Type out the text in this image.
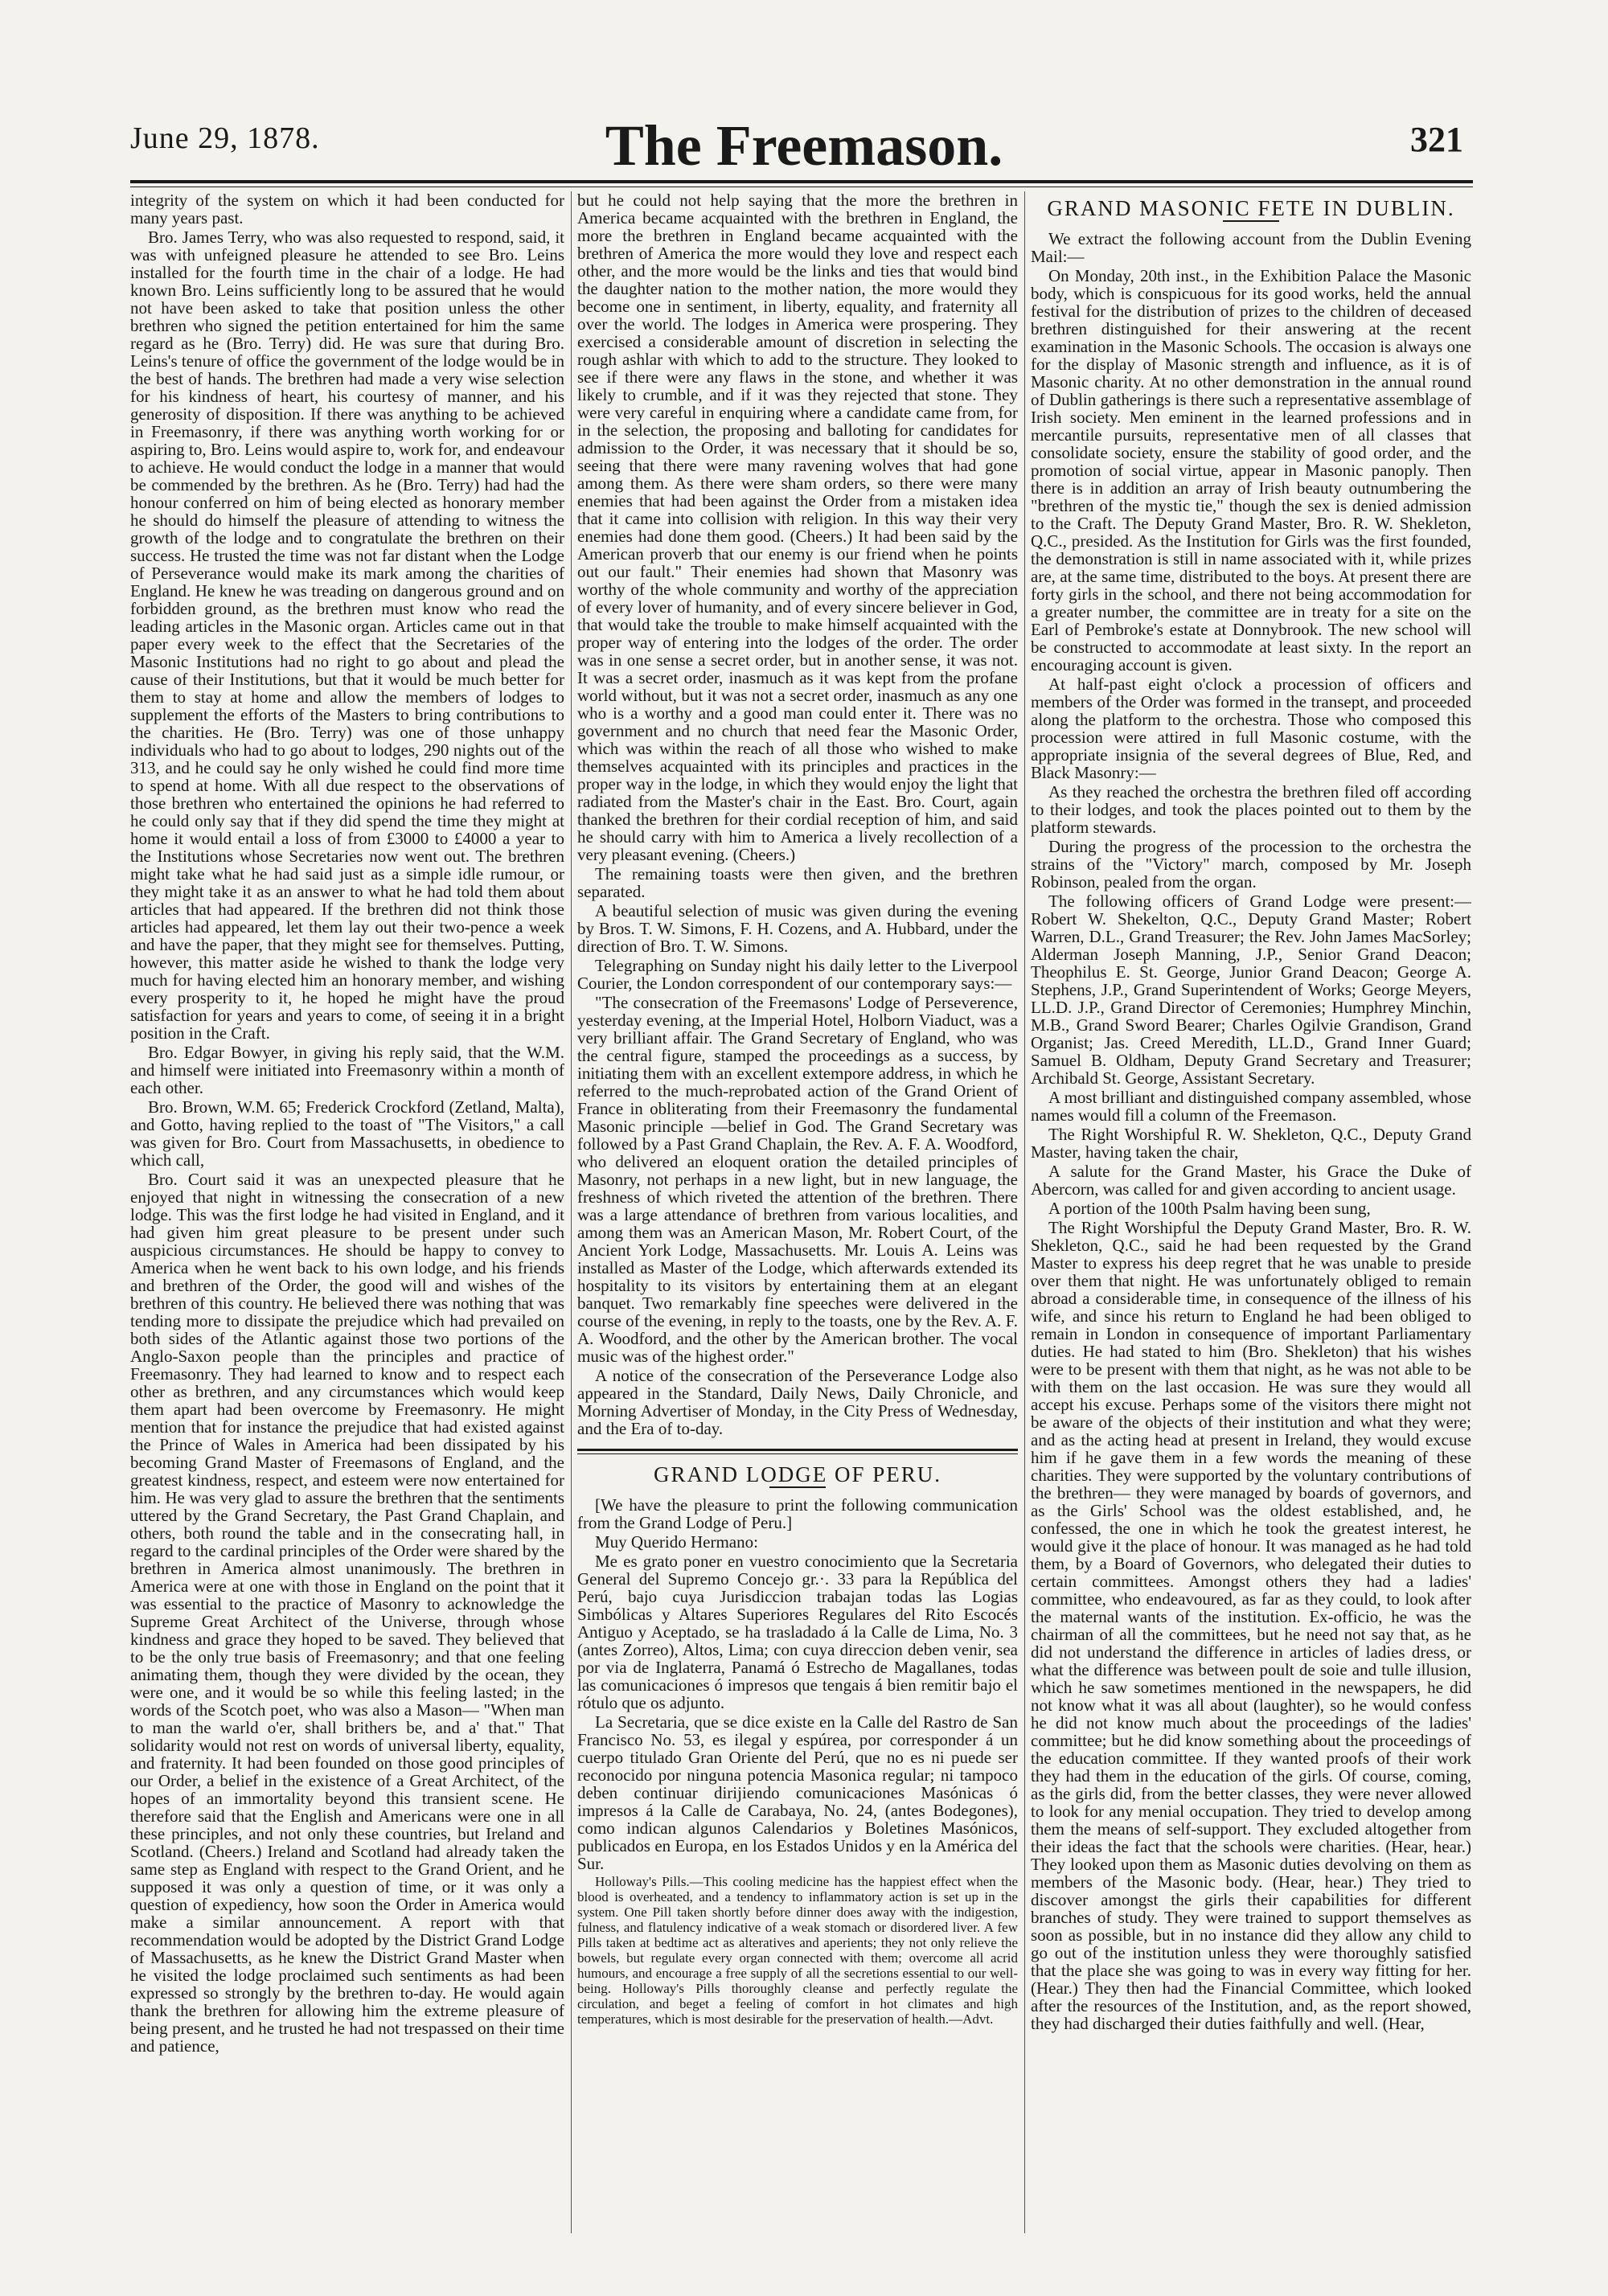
June 29, 1878.	The Freemason.	321

integrity of the system on which it had been conducted for many years past.

Bro. James Terry, who was also requested to respond, said, it was with unfeigned pleasure he attended to see Bro. Leins installed for the fourth time in the chair of a lodge. He had known Bro. Leins sufficiently long to be assured that he would not have been asked to take that position unless the other brethren who signed the petition entertained for him the same regard as he (Bro. Terry) did. He was sure that during Bro. Leins's tenure of office the government of the lodge would be in the best of hands. The brethren had made a very wise selection for his kindness of heart, his courtesy of manner, and his generosity of disposition. If there was anything to be achieved in Freemasonry, if there was anything worth working for or aspiring to, Bro. Leins would aspire to, work for, and endeavour to achieve. He would conduct the lodge in a manner that would be commended by the brethren. As he (Bro. Terry) had had the honour conferred on him of being elected as honorary member he should do himself the pleasure of attending to witness the growth of the lodge and to congratulate the brethren on their success. He trusted the time was not far distant when the Lodge of Perseverance would make its mark among the charities of England. He knew he was treading on dangerous ground and on forbidden ground, as the brethren must know who read the leading articles in the Masonic organ. Articles came out in that paper every week to the effect that the Secretaries of the Masonic Institutions had no right to go about and plead the cause of their Institutions, but that it would be much better for them to stay at home and allow the members of lodges to supplement the efforts of the Masters to bring contributions to the charities. He (Bro. Terry) was one of those unhappy individuals who had to go about to lodges, 290 nights out of the 313, and he could say he only wished he could find more time to spend at home. With all due respect to the observations of those brethren who entertained the opinions he had referred to he could only say that if they did spend the time they might at home it would entail a loss of from £3000 to £4000 a year to the Institutions whose Secretaries now went out. The brethren might take what he had said just as a simple idle rumour, or they might take it as an answer to what he had told them about articles that had appeared. If the brethren did not think those articles had appeared, let them lay out their two-pence a week and have the paper, that they might see for themselves. Putting, however, this matter aside he wished to thank the lodge very much for having elected him an honorary member, and wishing every prosperity to it, he hoped he might have the proud satisfaction for years and years to come, of seeing it in a bright position in the Craft.

Bro. Edgar Bowyer, in giving his reply said, that the W.M. and himself were initiated into Freemasonry within a month of each other.

Bro. Brown, W.M. 65; Frederick Crockford (Zetland, Malta), and Gotto, having replied to the toast of "The Visitors," a call was given for Bro. Court from Massachusetts, in obedience to which call,

Bro. Court said it was an unexpected pleasure that he enjoyed that night in witnessing the consecration of a new lodge. This was the first lodge he had visited in England, and it had given him great pleasure to be present under such auspicious circumstances. He should be happy to convey to America when he went back to his own lodge, and his friends and brethren of the Order, the good will and wishes of the brethren of this country. He believed there was nothing that was tending more to dissipate the prejudice which had prevailed on both sides of the Atlantic against those two portions of the Anglo-Saxon people than the principles and practice of Freemasonry. They had learned to know and to respect each other as brethren, and any circumstances which would keep them apart had been overcome by Freemasonry. He might mention that for instance the prejudice that had existed against the Prince of Wales in America had been dissipated by his becoming Grand Master of Freemasons of England, and the greatest kindness, respect, and esteem were now entertained for him. He was very glad to assure the brethren that the sentiments uttered by the Grand Secretary, the Past Grand Chaplain, and others, both round the table and in the consecrating hall, in regard to the cardinal principles of the Order were shared by the brethren in America almost unanimously. The brethren in America were at one with those in England on the point that it was essential to the practice of Masonry to acknowledge the Supreme Great Architect of the Universe, through whose kindness and grace they hoped to be saved. They believed that to be the only true basis of Freemasonry; and that one feeling animating them, though they were divided by the ocean, they were one, and it would be so while this feeling lasted; in the words of the Scotch poet, who was also a Mason— "When man to man the warld o'er, shall brithers be, and a' that." That solidarity would not rest on words of universal liberty, equality, and fraternity. It had been founded on those good principles of our Order, a belief in the existence of a Great Architect, of the hopes of an immortality beyond this transient scene. He therefore said that the English and Americans were one in all these principles, and not only these countries, but Ireland and Scotland. (Cheers.) Ireland and Scotland had already taken the same step as England with respect to the Grand Orient, and he supposed it was only a question of time, or it was only a question of expediency, how soon the Order in America would make a similar announcement. A report with that recommendation would be adopted by the District Grand Lodge of Massachusetts, as he knew the District Grand Master when he visited the lodge proclaimed such sentiments as had been expressed so strongly by the brethren to-day. He would again thank the brethren for allowing him the extreme pleasure of being present, and he trusted he had not trespassed on their time and patience,

but he could not help saying that the more the brethren in America became acquainted with the brethren in England, the more the brethren in England became acquainted with the brethren of America the more would they love and respect each other, and the more would be the links and ties that would bind the daughter nation to the mother nation, the more would they become one in sentiment, in liberty, equality, and fraternity all over the world. The lodges in America were prospering. They exercised a considerable amount of discretion in selecting the rough ashlar with which to add to the structure. They looked to see if there were any flaws in the stone, and whether it was likely to crumble, and if it was they rejected that stone. They were very careful in enquiring where a candidate came from, for in the selection, the proposing and balloting for candidates for admission to the Order, it was necessary that it should be so, seeing that there were many ravening wolves that had gone among them. As there were sham orders, so there were many enemies that had been against the Order from a mistaken idea that it came into collision with religion. In this way their very enemies had done them good. (Cheers.) It had been said by the American proverb that our enemy is our friend when he points out our fault." Their enemies had shown that Masonry was worthy of the whole community and worthy of the appreciation of every lover of humanity, and of every sincere believer in God, that would take the trouble to make himself acquainted with the proper way of entering into the lodges of the order. The order was in one sense a secret order, but in another sense, it was not. It was a secret order, inasmuch as it was kept from the profane world without, but it was not a secret order, inasmuch as any one who is a worthy and a good man could enter it. There was no government and no church that need fear the Masonic Order, which was within the reach of all those who wished to make themselves acquainted with its principles and practices in the proper way in the lodge, in which they would enjoy the light that radiated from the Master's chair in the East. Bro. Court, again thanked the brethren for their cordial reception of him, and said he should carry with him to America a lively recollection of a very pleasant evening. (Cheers.)

The remaining toasts were then given, and the brethren separated.

A beautiful selection of music was given during the evening by Bros. T. W. Simons, F. H. Cozens, and A. Hubbard, under the direction of Bro. T. W. Simons.

Telegraphing on Sunday night his daily letter to the Liverpool Courier, the London correspondent of our contemporary says:—

"The consecration of the Freemasons' Lodge of Perseverence, yesterday evening, at the Imperial Hotel, Holborn Viaduct, was a very brilliant affair. The Grand Secretary of England, who was the central figure, stamped the proceedings as a success, by initiating them with an excellent extempore address, in which he referred to the much-reprobated action of the Grand Orient of France in obliterating from their Freemasonry the fundamental Masonic principle —belief in God. The Grand Secretary was followed by a Past Grand Chaplain, the Rev. A. F. A. Woodford, who delivered an eloquent oration the detailed principles of Masonry, not perhaps in a new light, but in new language, the freshness of which riveted the attention of the brethren. There was a large attendance of brethren from various localities, and among them was an American Mason, Mr. Robert Court, of the Ancient York Lodge, Massachusetts. Mr. Louis A. Leins was installed as Master of the Lodge, which afterwards extended its hospitality to its visitors by entertaining them at an elegant banquet. Two remarkably fine speeches were delivered in the course of the evening, in reply to the toasts, one by the Rev. A. F. A. Woodford, and the other by the American brother. The vocal music was of the highest order."

A notice of the consecration of the Perseverance Lodge also appeared in the Standard, Daily News, Daily Chronicle, and Morning Advertiser of Monday, in the City Press of Wednesday, and the Era of to-day.

GRAND LODGE OF PERU.

[We have the pleasure to print the following communication from the Grand Lodge of Peru.]

Muy Querido Hermano:

Me es grato poner en vuestro conocimiento que la Secretaria General del Supremo Concejo gr.·. 33 para la República del Perú, bajo cuya Jurisdiccion trabajan todas las Logias Simbólicas y Altares Superiores Regulares del Rito Escocés Antiguo y Aceptado, se ha trasladado á la Calle de Lima, No. 3 (antes Zorreo), Altos, Lima; con cuya direccion deben venir, sea por via de Inglaterra, Panamá ó Estrecho de Magallanes, todas las comunicaciones ó impresos que tengais á bien remitir bajo el rótulo que os adjunto.

La Secretaria, que se dice existe en la Calle del Rastro de San Francisco No. 53, es ilegal y espúrea, por corresponder á un cuerpo titulado Gran Oriente del Perú, que no es ni puede ser reconocido por ninguna potencia Masonica regular; ni tampoco deben continuar dirijiendo comunicaciones Masónicas ó impresos á la Calle de Carabaya, No. 24, (antes Bodegones), como indican algunos Calendarios y Boletines Masónicos, publicados en Europa, en los Estados Unidos y en la América del Sur.

Holloway's Pills.—This cooling medicine has the happiest effect when the blood is overheated, and a tendency to inflammatory action is set up in the system. One Pill taken shortly before dinner does away with the indigestion, fulness, and flatulency indicative of a weak stomach or disordered liver. A few Pills taken at bedtime act as alteratives and aperients; they not only relieve the bowels, but regulate every organ connected with them; overcome all acrid humours, and encourage a free supply of all the secretions essential to our well-being. Holloway's Pills thoroughly cleanse and perfectly regulate the circulation, and beget a feeling of comfort in hot climates and high temperatures, which is most desirable for the preservation of health.—Advt.

GRAND MASONIC FETE IN DUBLIN.

We extract the following account from the Dublin Evening Mail:—

On Monday, 20th inst., in the Exhibition Palace the Masonic body, which is conspicuous for its good works, held the annual festival for the distribution of prizes to the children of deceased brethren distinguished for their answering at the recent examination in the Masonic Schools. The occasion is always one for the display of Masonic strength and influence, as it is of Masonic charity. At no other demonstration in the annual round of Dublin gatherings is there such a representative assemblage of Irish society. Men eminent in the learned professions and in mercantile pursuits, representative men of all classes that consolidate society, ensure the stability of good order, and the promotion of social virtue, appear in Masonic panoply. Then there is in addition an array of Irish beauty outnumbering the "brethren of the mystic tie," though the sex is denied admission to the Craft. The Deputy Grand Master, Bro. R. W. Shekleton, Q.C., presided. As the Institution for Girls was the first founded, the demonstration is still in name associated with it, while prizes are, at the same time, distributed to the boys. At present there are forty girls in the school, and there not being accommodation for a greater number, the committee are in treaty for a site on the Earl of Pembroke's estate at Donnybrook. The new school will be constructed to accommodate at least sixty. In the report an encouraging account is given.

At half-past eight o'clock a procession of officers and members of the Order was formed in the transept, and proceeded along the platform to the orchestra. Those who composed this procession were attired in full Masonic costume, with the appropriate insignia of the several degrees of Blue, Red, and Black Masonry:—

As they reached the orchestra the brethren filed off according to their lodges, and took the places pointed out to them by the platform stewards.

During the progress of the procession to the orchestra the strains of the "Victory" march, composed by Mr. Joseph Robinson, pealed from the organ.

The following officers of Grand Lodge were present:— Robert W. Shekelton, Q.C., Deputy Grand Master; Robert Warren, D.L., Grand Treasurer; the Rev. John James MacSorley; Alderman Joseph Manning, J.P., Senior Grand Deacon; Theophilus E. St. George, Junior Grand Deacon; George A. Stephens, J.P., Grand Superintendent of Works; George Meyers, LL.D. J.P., Grand Director of Ceremonies; Humphrey Minchin, M.B., Grand Sword Bearer; Charles Ogilvie Grandison, Grand Organist; Jas. Creed Meredith, LL.D., Grand Inner Guard; Samuel B. Oldham, Deputy Grand Secretary and Treasurer; Archibald St. George, Assistant Secretary.

A most brilliant and distinguished company assembled, whose names would fill a column of the Freemason.

The Right Worshipful R. W. Shekleton, Q.C., Deputy Grand Master, having taken the chair,

A salute for the Grand Master, his Grace the Duke of Abercorn, was called for and given according to ancient usage.

A portion of the 100th Psalm having been sung,

The Right Worshipful the Deputy Grand Master, Bro. R. W. Shekleton, Q.C., said he had been requested by the Grand Master to express his deep regret that he was unable to preside over them that night. He was unfortunately obliged to remain abroad a considerable time, in consequence of the illness of his wife, and since his return to England he had been obliged to remain in London in consequence of important Parliamentary duties. He had stated to him (Bro. Shekleton) that his wishes were to be present with them that night, as he was not able to be with them on the last occasion. He was sure they would all accept his excuse. Perhaps some of the visitors there might not be aware of the objects of their institution and what they were; and as the acting head at present in Ireland, they would excuse him if he gave them in a few words the meaning of these charities. They were supported by the voluntary contributions of the brethren— they were managed by boards of governors, and as the Girls' School was the oldest established, and, he confessed, the one in which he took the greatest interest, he would give it the place of honour. It was managed as he had told them, by a Board of Governors, who delegated their duties to certain committees. Amongst others they had a ladies' committee, who endeavoured, as far as they could, to look after the maternal wants of the institution. Ex-officio, he was the chairman of all the committees, but he need not say that, as he did not understand the difference in articles of ladies dress, or what the difference was between poult de soie and tulle illusion, which he saw sometimes mentioned in the newspapers, he did not know what it was all about (laughter), so he would confess he did not know much about the proceedings of the ladies' committee; but he did know something about the proceedings of the education committee. If they wanted proofs of their work they had them in the education of the girls. Of course, coming, as the girls did, from the better classes, they were never allowed to look for any menial occupation. They tried to develop among them the means of self-support. They excluded altogether from their ideas the fact that the schools were charities. (Hear, hear.) They looked upon them as Masonic duties devolving on them as members of the Masonic body. (Hear, hear.) They tried to discover amongst the girls their capabilities for different branches of study. They were trained to support themselves as soon as possible, but in no instance did they allow any child to go out of the institution unless they were thoroughly satisfied that the place she was going to was in every way fitting for her. (Hear.) They then had the Financial Committee, which looked after the resources of the Institution, and, as the report showed, they had discharged their duties faithfully and well. (Hear,
